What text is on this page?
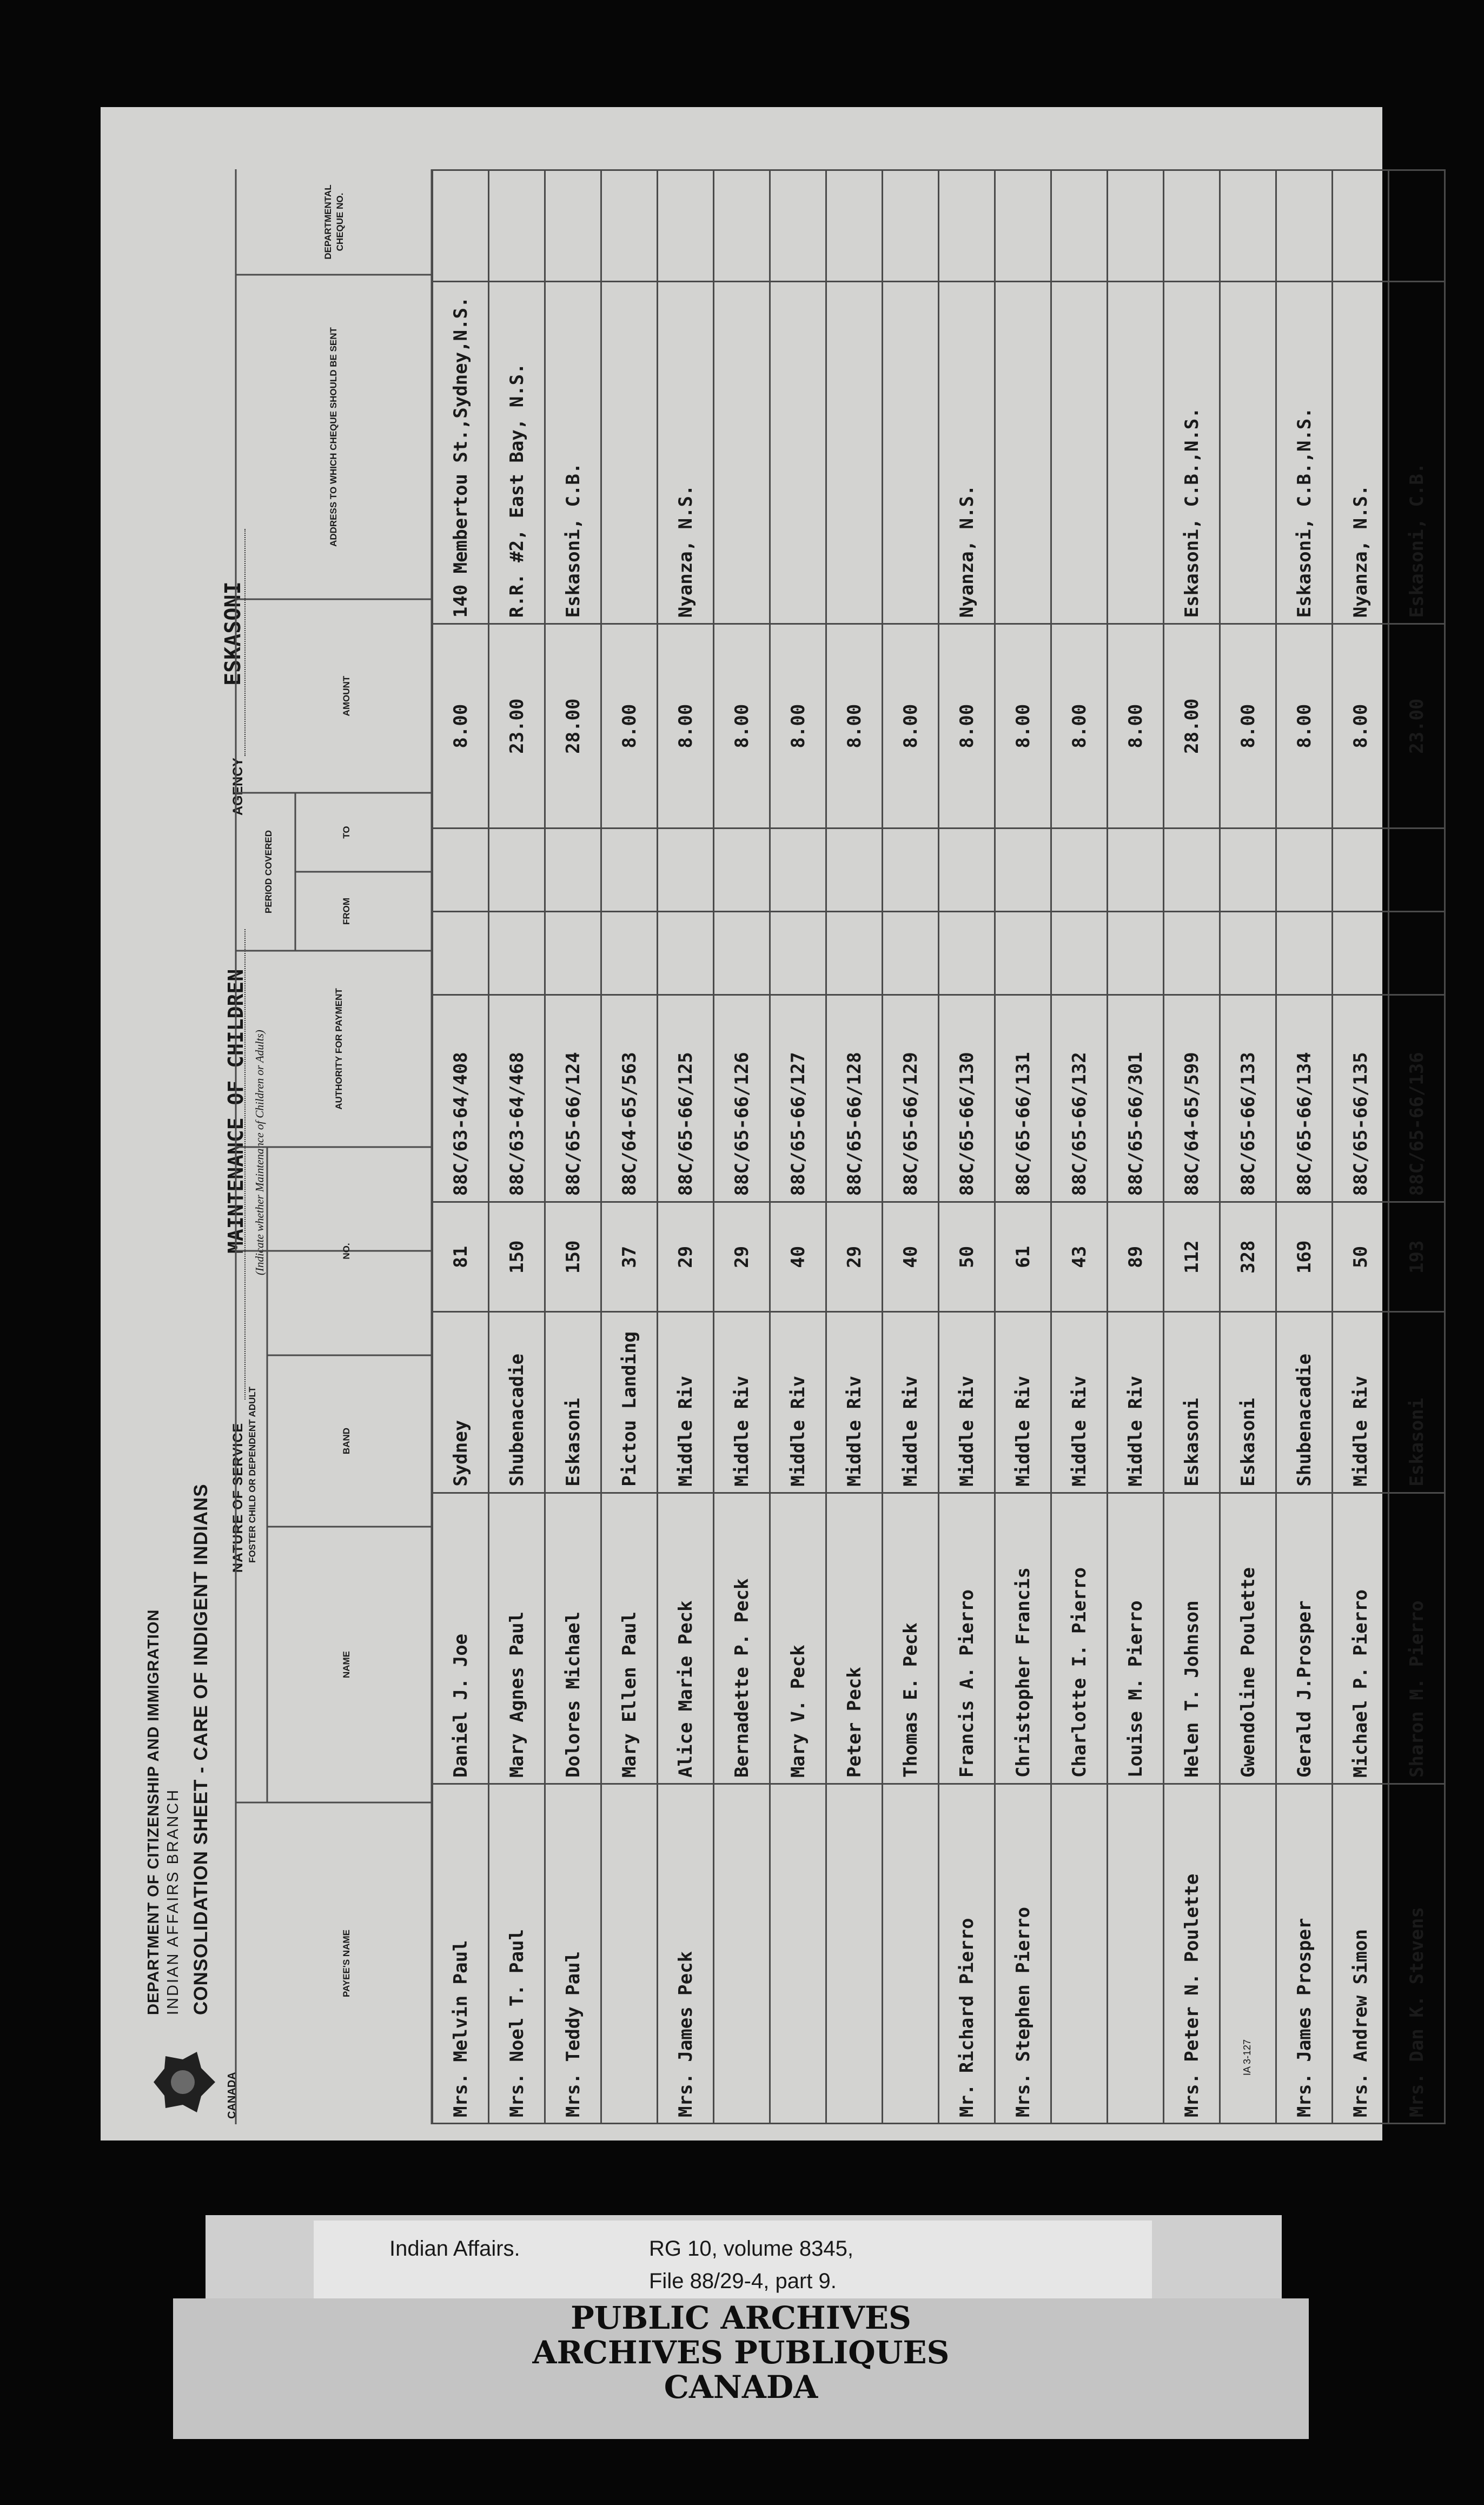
CANADA
DEPARTMENT OF CITIZENSHIP AND IMMIGRATION INDIAN AFFAIRS BRANCH CONSOLIDATION SHEET - CARE OF INDIGENT INDIANS NATURE OF SERVICE
MAINTENANCE OF CHILDREN (Indicate whether Maintenance of Children or Adults)
AGENCY
ESKASONI
IA 3-127
PAYEE'S NAME
FOSTER CHILD OR DEPENDENT ADULT
NAME
BAND
NO.
AUTHORITY FOR PAYMENT
PERIOD COVERED	FROM
TO
AMOUNT
ADDRESS TO WHICH CHEQUE SHOULD BE SENT
DEPARTMENTAL CHEQUE NO.
Mrs. Melvin Paul	Daniel J. Joe	Sydney	81	88C/63-64/408			8.00	140 Membertou St.,Sydney,N.S.	
Mrs. Noel T. Paul	Mary Agnes Paul	Shubenacadie	150	88C/63-64/468			23.00	R.R. #2, East Bay, N.S.	
Mrs. Teddy Paul	Dolores Michael	Eskasoni	150	88C/65-66/124			28.00	Eskasoni, C.B.	
	Mary Ellen Paul	Pictou Landing	37	88C/64-65/563			8.00		
Mrs. James Peck	Alice Marie Peck	Middle Riv	29	88C/65-66/125			8.00	Nyanza, N.S.	
	Bernadette P. Peck	Middle Riv	29	88C/65-66/126			8.00		
	Mary V. Peck	Middle Riv	40	88C/65-66/127			8.00		
	Peter Peck	Middle Riv	29	88C/65-66/128			8.00		
	Thomas E. Peck	Middle Riv	40	88C/65-66/129			8.00		
Mr. Richard Pierro	Francis A. Pierro	Middle Riv	50	88C/65-66/130			8.00	Nyanza, N.S.	
Mrs. Stephen Pierro	Christopher Francis	Middle Riv	61	88C/65-66/131			8.00		
	Charlotte I. Pierro	Middle Riv	43	88C/65-66/132			8.00		
	Louise M. Pierro	Middle Riv	89	88C/65-66/301			8.00		
Mrs. Peter N. Poulette	Helen T. Johnson	Eskasoni	112	88C/64-65/599			28.00	Eskasoni, C.B.,N.S.	
	Gwendoline Poulette	Eskasoni	328	88C/65-66/133			8.00		
Mrs. James Prosper	Gerald J.Prosper	Shubenacadie	169	88C/65-66/134			8.00	Eskasoni, C.B.,N.S.	
Mrs. Andrew Simon	Michael P. Pierro	Middle Riv	50	88C/65-66/135			8.00	Nyanza, N.S.	
Mrs. Dan K. Stevens	Sharon M. Pierro	Eskasoni	193	88C/65-66/136			23.00	Eskasoni, C.B.	
Indian Affairs.	RG 10, volume 8345,
File 88/29-4, part 9.
PUBLIC ARCHIVES
ARCHIVES PUBLIQUES
CANADA
